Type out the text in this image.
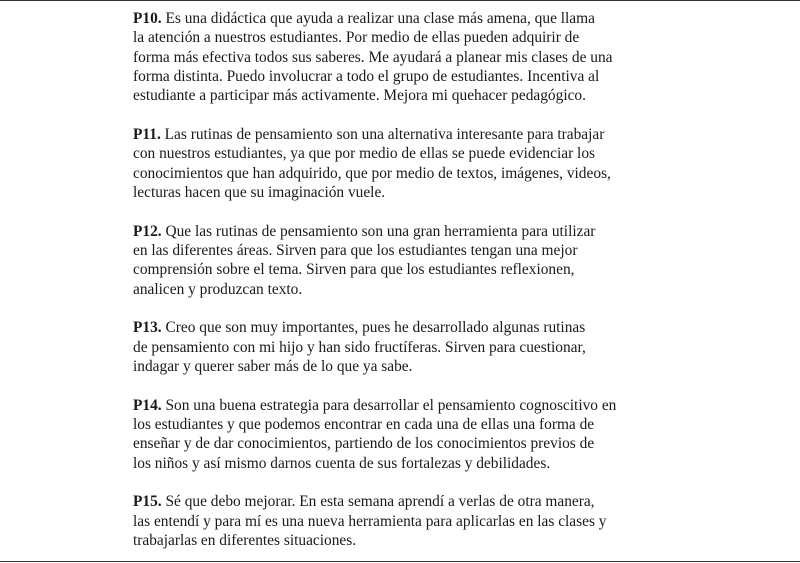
P10. Es una didáctica que ayuda a realizar una clase más amena, que llama
la atención a nuestros estudiantes. Por medio de ellas pueden adquirir de
forma más efectiva todos sus saberes. Me ayudará a planear mis clases de una
forma distinta. Puedo involucrar a todo el grupo de estudiantes. Incentiva al
estudiante a participar más activamente. Mejora mi quehacer pedagógico.
P11. Las rutinas de pensamiento son una alternativa interesante para trabajar
con nuestros estudiantes, ya que por medio de ellas se puede evidenciar los
conocimientos que han adquirido, que por medio de textos, imágenes, videos,
lecturas hacen que su imaginación vuele.
P12. Que las rutinas de pensamiento son una gran herramienta para utilizar
en las diferentes áreas. Sirven para que los estudiantes tengan una mejor
comprensión sobre el tema. Sirven para que los estudiantes reflexionen,
analicen y produzcan texto.
P13. Creo que son muy importantes, pues he desarrollado algunas rutinas
de pensamiento con mi hijo y han sido fructíferas. Sirven para cuestionar,
indagar y querer saber más de lo que ya sabe.
P14. Son una buena estrategia para desarrollar el pensamiento cognoscitivo en
los estudiantes y que podemos encontrar en cada una de ellas una forma de
enseñar y de dar conocimientos, partiendo de los conocimientos previos de
los niños y así mismo darnos cuenta de sus fortalezas y debilidades.
P15. Sé que debo mejorar. En esta semana aprendí a verlas de otra manera,
las entendí y para mí es una nueva herramienta para aplicarlas en las clases y
trabajarlas en diferentes situaciones.
